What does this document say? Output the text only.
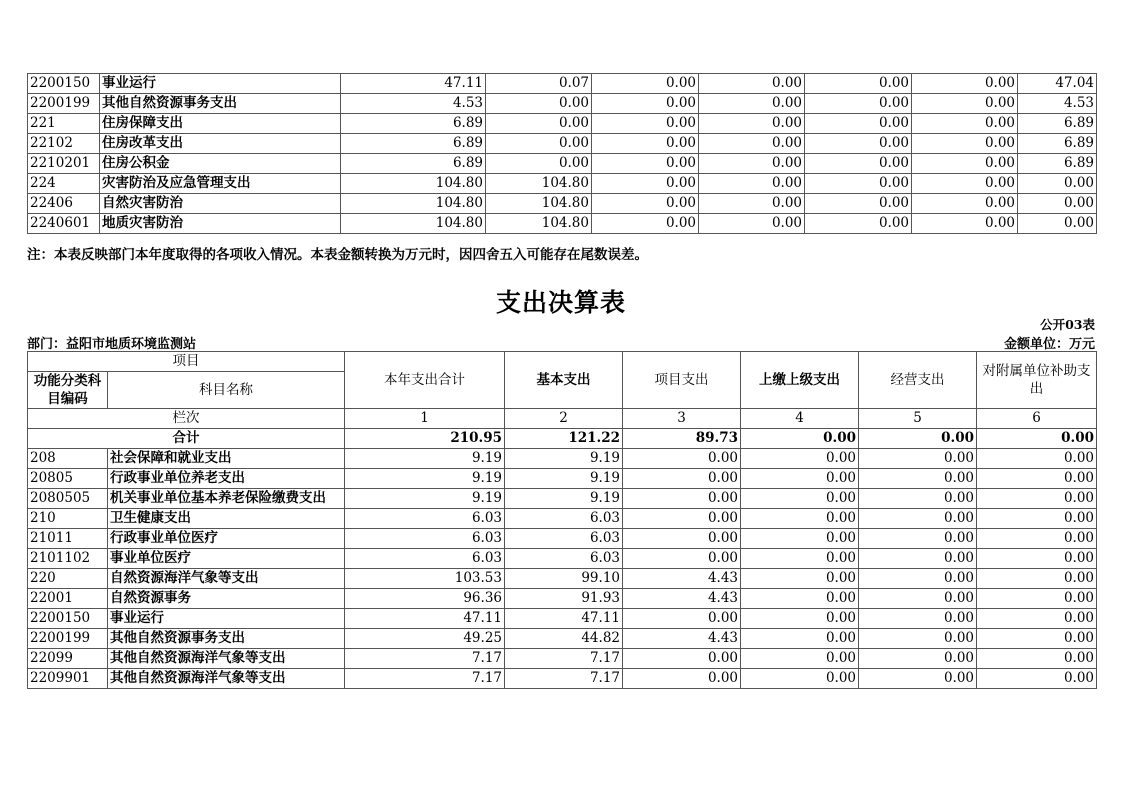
2200150	事业运行	47.11	0.07	0.00	0.00	0.00	0.00	47.04
2200199	其他自然资源事务支出	4.53	0.00	0.00	0.00	0.00	0.00	4.53
221	住房保障支出	6.89	0.00	0.00	0.00	0.00	0.00	6.89
22102	住房改革支出	6.89	0.00	0.00	0.00	0.00	0.00	6.89
2210201	住房公积金	6.89	0.00	0.00	0.00	0.00	0.00	6.89
224	灾害防治及应急管理支出	104.80	104.80	0.00	0.00	0.00	0.00	0.00
22406	自然灾害防治	104.80	104.80	0.00	0.00	0.00	0.00	0.00
2240601	地质灾害防治	104.80	104.80	0.00	0.00	0.00	0.00	0.00
注：本表反映部门本年度取得的各项收入情况。本表金额转换为万元时，因四舍五入可能存在尾数误差。
支出决算表
公开03表
部门：益阳市地质环境监测站	金额单位：万元
项目		本年支出合计	基本支出	项目支出	上缴上级支出	经营支出	对附属单位补助支出
功能分类科目编码	科目名称						
栏次		1	2	3	4	5	6
合计		210.95	121.22	89.73	0.00	0.00	0.00
208	社会保障和就业支出	9.19	9.19	0.00	0.00	0.00	0.00
20805	行政事业单位养老支出	9.19	9.19	0.00	0.00	0.00	0.00
2080505	机关事业单位基本养老保险缴费支出	9.19	9.19	0.00	0.00	0.00	0.00
210	卫生健康支出	6.03	6.03	0.00	0.00	0.00	0.00
21011	行政事业单位医疗	6.03	6.03	0.00	0.00	0.00	0.00
2101102	事业单位医疗	6.03	6.03	0.00	0.00	0.00	0.00
220	自然资源海洋气象等支出	103.53	99.10	4.43	0.00	0.00	0.00
22001	自然资源事务	96.36	91.93	4.43	0.00	0.00	0.00
2200150	事业运行	47.11	47.11	0.00	0.00	0.00	0.00
2200199	其他自然资源事务支出	49.25	44.82	4.43	0.00	0.00	0.00
22099	其他自然资源海洋气象等支出	7.17	7.17	0.00	0.00	0.00	0.00
2209901	其他自然资源海洋气象等支出	7.17	7.17	0.00	0.00	0.00	0.00
